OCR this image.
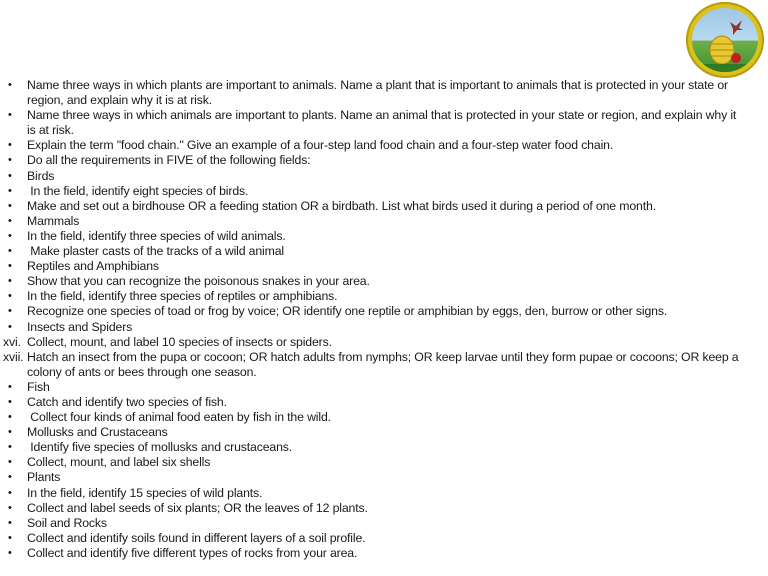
•	Name three ways in which plants are important to animals. Name a plant that is important to animals that is protected in your state or region, and explain why it is at risk.
•	Name three ways in which animals are important to plants. Name an animal that is protected in your state or region, and explain why it is at risk.
•	Explain the term "food chain." Give an example of a four-step land food chain and a four-step water food chain.
•	Do all the requirements in FIVE of the following fields:
•	Birds
•	In the field, identify eight species of birds.
•	Make and set out a birdhouse OR a feeding station OR a birdbath. List what birds used it during a period of one month.
•	Mammals
•	In the field, identify three species of wild animals.
•	Make plaster casts of the tracks of a wild animal
•	Reptiles and Amphibians
•	Show that you can recognize the poisonous snakes in your area.
•	In the field, identify three species of reptiles or amphibians.
•	Recognize one species of toad or frog by voice; OR identify one reptile or amphibian by eggs, den, burrow or other signs.
•	Insects and Spiders
xvi. Collect, mount, and label 10 species of insects or spiders.
xvii. Hatch an insect from the pupa or cocoon; OR hatch adults from nymphs; OR keep larvae until they form pupae or cocoons; OR keep a colony of ants or bees through one season.
•	Fish
•	Catch and identify two species of fish.
•	Collect four kinds of animal food eaten by fish in the wild.
•	Mollusks and Crustaceans
•	Identify five species of mollusks and crustaceans.
•	Collect, mount, and label six shells
•	Plants
•	In the field, identify 15 species of wild plants.
•	Collect and label seeds of six plants; OR the leaves of 12 plants.
•	Soil and Rocks
•	Collect and identify soils found in different layers of a soil profile.
•	Collect and identify five different types of rocks from your area.
